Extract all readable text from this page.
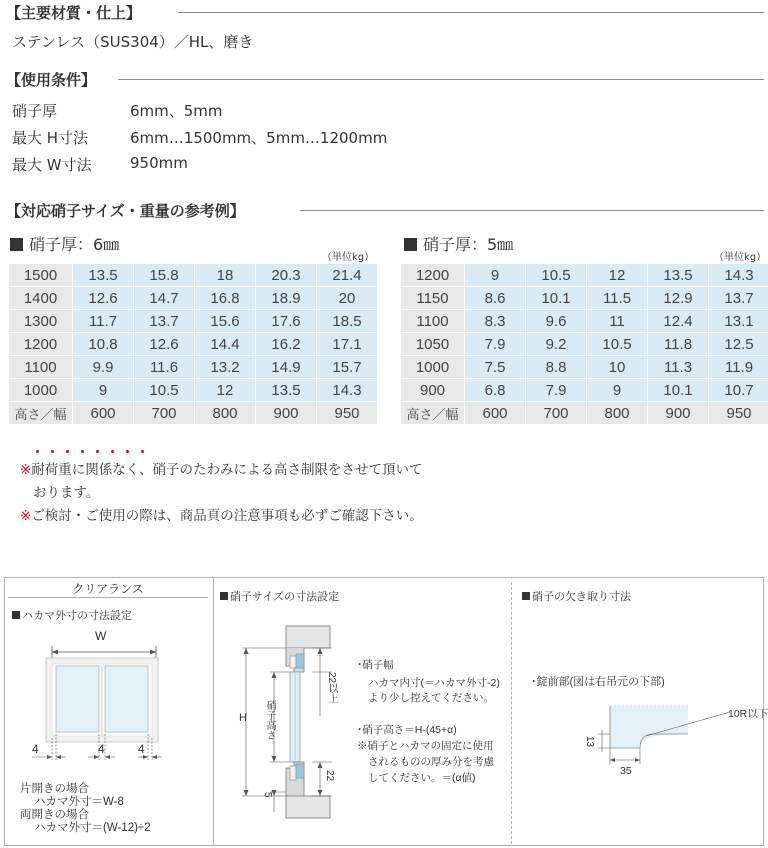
【主要材質・仕上】
ステンレス（SUS304）／HL、磨き
【使用条件】
硝子厚	6mm、5mm
最大 H寸法	6mm…1500mm、5mm…1200mm
最大 W寸法	950mm
【対応硝子サイズ・重量の参考例】
硝子厚：6㎜
（単位kg）
1500	13.5	15.8	18	20.3	21.4
1400	12.6	14.7	16.8	18.9	20
1300	11.7	13.7	15.6	17.6	18.5
1200	10.8	12.6	14.4	16.2	17.1
1100	9.9	11.6	13.2	14.9	15.7
1000	9	10.5	12	13.5	14.3
高さ／幅	600	700	800	900	950
硝子厚：5㎜
（単位kg）
1200	9	10.5	12	13.5	14.3
1150	8.6	10.1	11.5	12.9	13.7
1100	8.3	9.6	11	12.4	13.1
1050	7.9	9.2	10.5	11.8	12.5
1000	7.5	8.8	10	11.3	11.9
900	6.8	7.9	9	10.1	10.7
高さ／幅	600	700	800	900	950
※耐荷重に関係なく、硝子のたわみによる高さ制限をさせて頂いて
おります。
※ご検討・ご使用の際は、商品頁の注意事項も必ずご確認下さい。
クリアランス
ハカマ外寸の寸法設定
W
4	4	4
片開きの場合
ハカマ外寸＝W-8
両開きの場合
ハカマ外寸＝(W-12)÷2
硝子サイズの寸法設定
H 硝子高さ
22以上
22
5
･硝子幅
ハカマ内寸(＝ハカマ外寸-2)
より少し控えてください。
･硝子高さ＝H-(45+α)
※硝子とハカマの固定に使用
されるものの厚み分を考慮
してください。＝(α値)
硝子の欠き取り寸法
･錠前部(図は右吊元の下部)
10R以下
13
35
